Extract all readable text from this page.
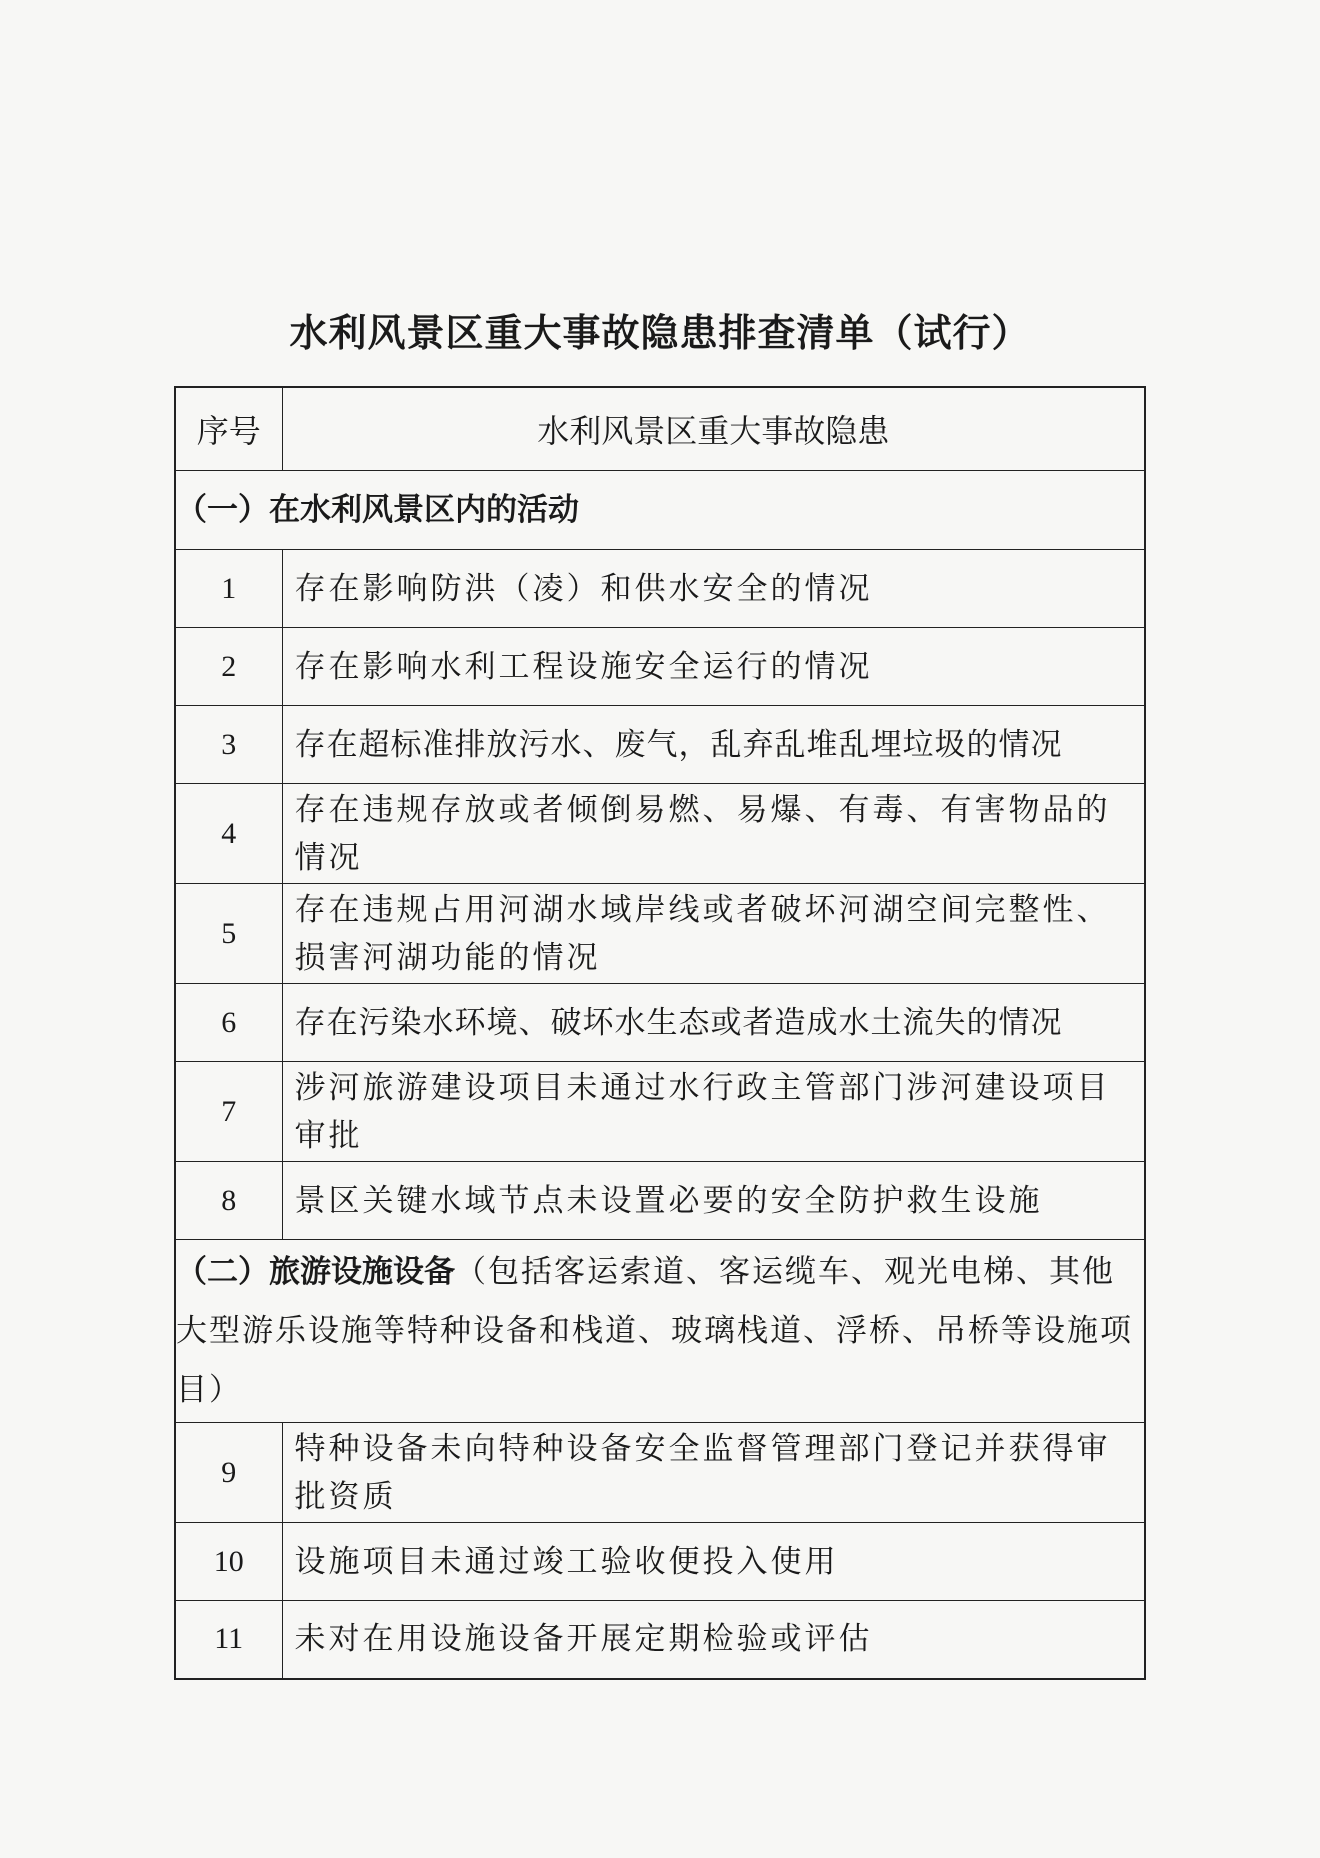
水利风景区重大事故隐患排查清单（试行）
序号	水利风景区重大事故隐患
（一）在水利风景区内的活动	
1	存在影响防洪（凌）和供水安全的情况
2	存在影响水利工程设施安全运行的情况
3	存在超标准排放污水、废气，乱弃乱堆乱埋垃圾的情况
4	存在违规存放或者倾倒易燃、易爆、有毒、有害物品的情况
5	存在违规占用河湖水域岸线或者破坏河湖空间完整性、损害河湖功能的情况
6	存在污染水环境、破坏水生态或者造成水土流失的情况
7	涉河旅游建设项目未通过水行政主管部门涉河建设项目审批
8	景区关键水域节点未设置必要的安全防护救生设施
（二）旅游设施设备（包括客运索道、客运缆车、观光电梯、其他大型游乐设施等特种设备和栈道、玻璃栈道、浮桥、吊桥等设施项目）	
9	特种设备未向特种设备安全监督管理部门登记并获得审批资质
10	设施项目未通过竣工验收便投入使用
11	未对在用设施设备开展定期检验或评估
